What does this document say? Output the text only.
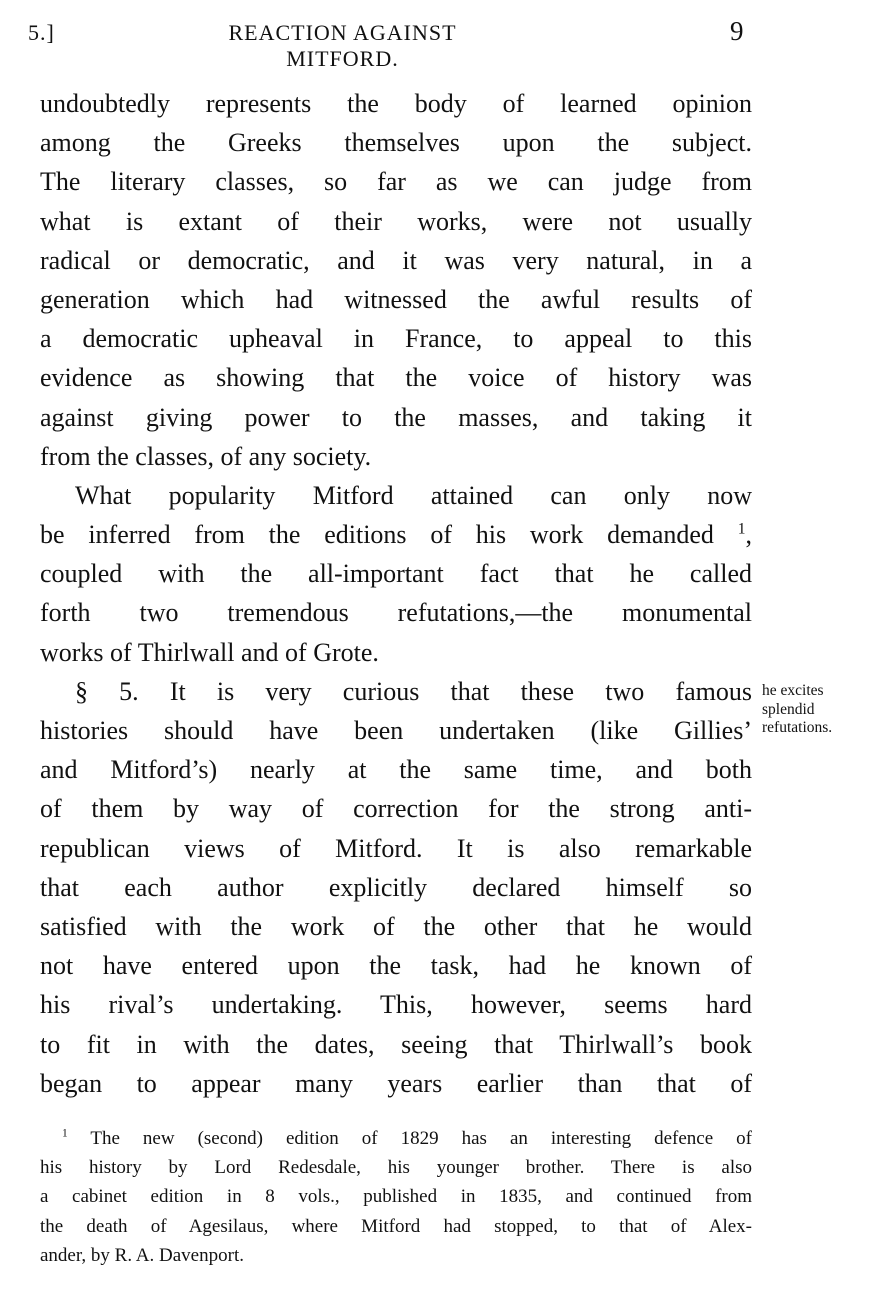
5.]	REACTION AGAINST MITFORD.
9
undoubtedly represents the body of learned opinion
among the Greeks themselves upon the subject.
The literary classes, so far as we can judge from
what is extant of their works, were not usually
radical or democratic, and it was very natural, in a
generation which had witnessed the awful results of
a democratic upheaval in France, to appeal to this
evidence as showing that the voice of history was
against giving power to the masses, and taking it
from the classes, of any society.
What popularity Mitford attained can only now
be inferred from the editions of his work demanded $^1$,
coupled with the all-important fact that he called
forth two tremendous refutations,—the monumental
works of Thirlwall and of Grote.
§ 5. It is very curious that these two famous
histories should have been undertaken (like Gillies’
and Mitford’s) nearly at the same time, and both
of them by way of correction for the strong anti-
republican views of Mitford. It is also remarkable
that each author explicitly declared himself so
satisfied with the work of the other that he would
not have entered upon the task, had he known of
his rival’s undertaking. This, however, seems hard
to fit in with the dates, seeing that Thirlwall’s book
began to appear many years earlier than that of
$^1$ The new (second) edition of 1829 has an interesting defence of
his history by Lord Redesdale, his younger brother. There is also
a cabinet edition in 8 vols., published in 1835, and continued from
the death of Agesilaus, where Mitford had stopped, to that of Alex-
ander, by R. A. Davenport.
he excites
splendid
refutations.
